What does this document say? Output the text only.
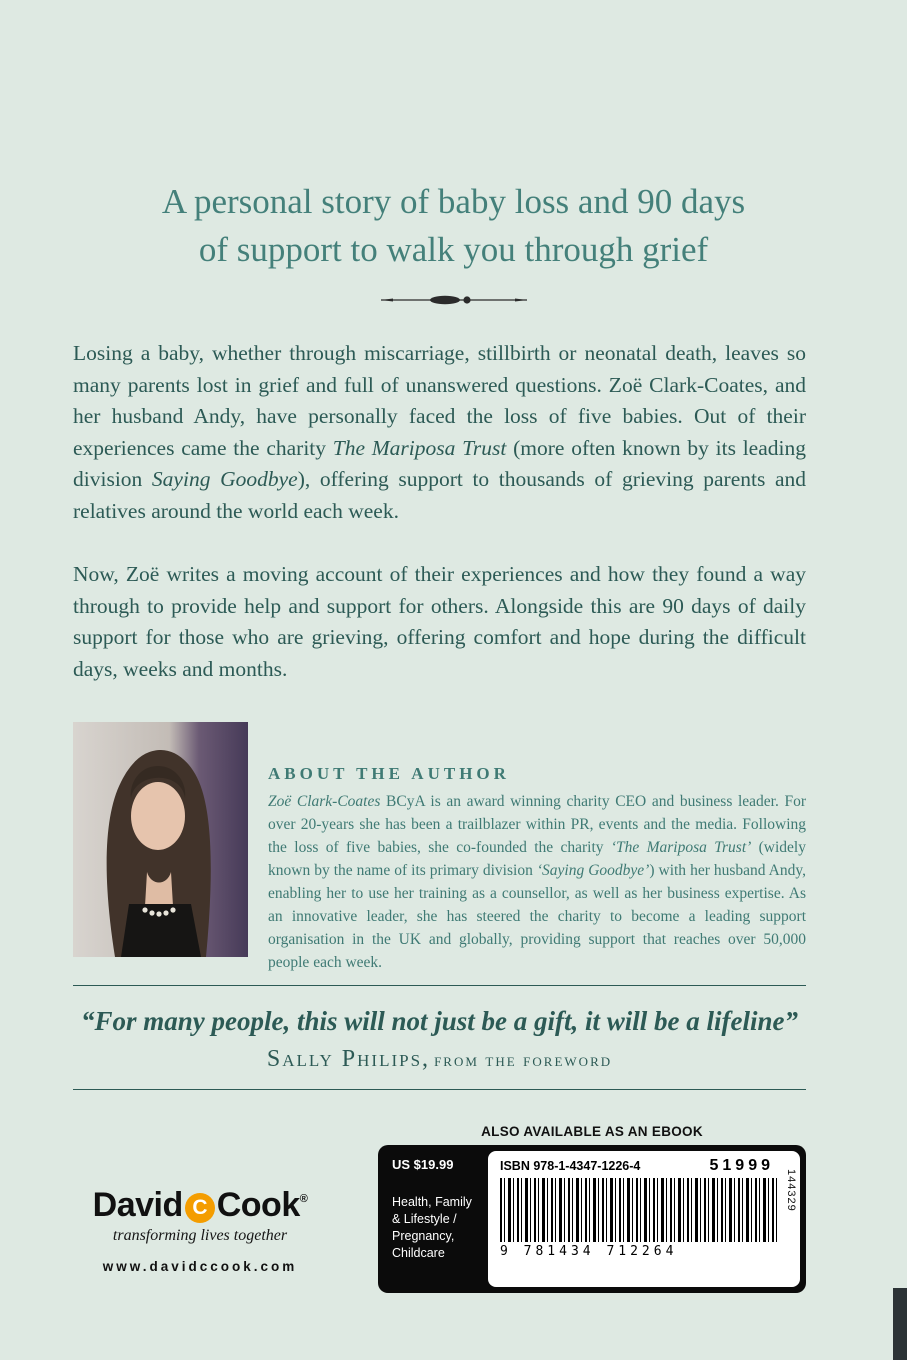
A personal story of baby loss and 90 days
of support to walk you through grief

Losing a baby, whether through miscarriage, stillbirth or neonatal death, leaves so many parents lost in grief and full of unanswered questions. Zoë Clark-Coates, and her husband Andy, have personally faced the loss of five babies. Out of their experiences came the charity The Mariposa Trust (more often known by its leading division Saying Goodbye), offering support to thousands of grieving parents and relatives around the world each week.

Now, Zoë writes a moving account of their experiences and how they found a way through to provide help and support for others. Alongside this are 90 days of daily support for those who are grieving, offering comfort and hope during the difficult days, weeks and months.

ABOUT THE AUTHOR

Zoë Clark-Coates BCyA is an award winning charity CEO and business leader. For over 20-years she has been a trailblazer within PR, events and the media. Following the loss of five babies, she co-founded the charity ‘The Mariposa Trust’ (widely known by the name of its primary division ‘Saying Goodbye’) with her husband Andy, enabling her to use her training as a counsellor, as well as her business expertise. As an innovative leader, she has steered the charity to become a leading support organisation in the UK and globally, providing support that reaches over 50,000 people each week.

“For many people, this will not just be a gift, it will be a lifeline”

Sally Philips, from the foreword

ALSO AVAILABLE AS AN EBOOK

US $19.99

Health, Family
& Lifestyle /
Pregnancy,
Childcare
ISBN 978-1-4347-1226-4	51999
9 781434 712264
144329
David C Cook®
transforming lives together
www.davidccook.com
